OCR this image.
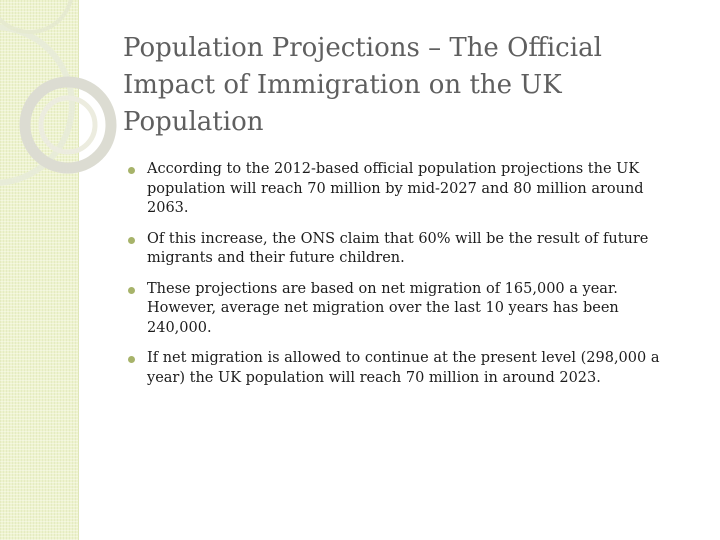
Population Projections – The Official Impact of Immigration on the UK Population
According to the 2012-based official population projections the UK population will reach 70 million by mid-2027 and 80 million around 2063.
Of this increase, the ONS claim that 60% will be the result of future migrants and their future children.
These projections are based on net migration of 165,000 a year. However, average net migration over the last 10 years has been 240,000.
If net migration is allowed to continue at the present level (298,000 a year) the UK population will reach 70 million in around 2023.
